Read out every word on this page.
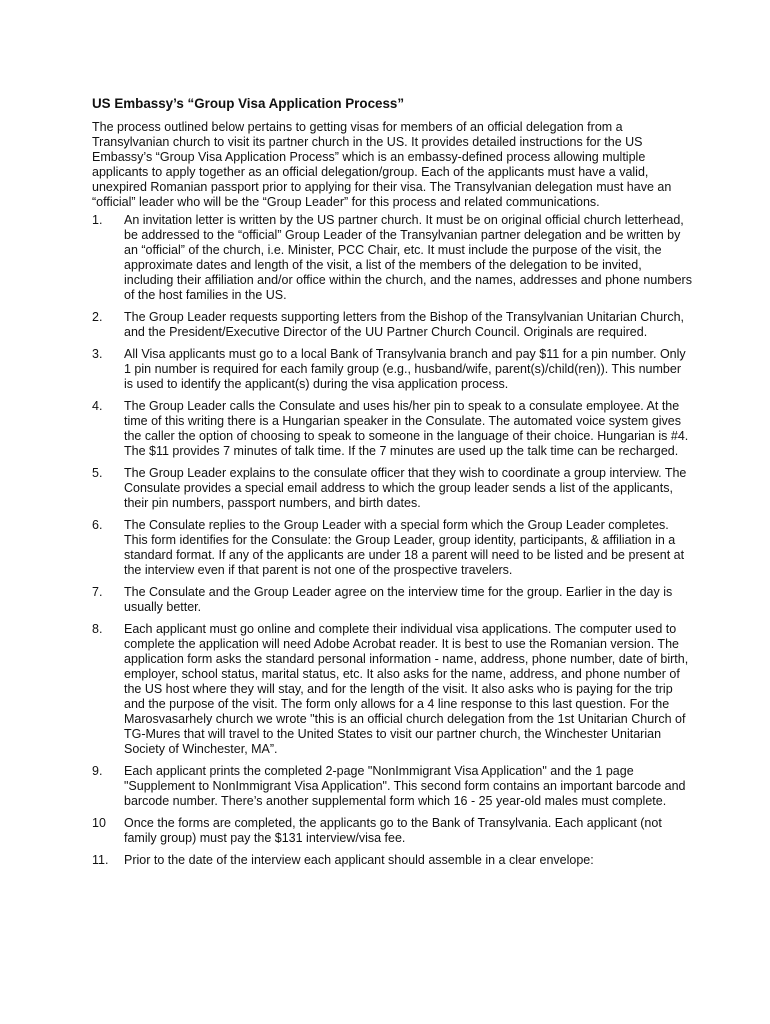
US Embassy’s “Group Visa Application Process”

The process outlined below pertains to getting visas for members of an official delegation from a Transylvanian church to visit its partner church in the US. It provides detailed instructions for the US Embassy’s “Group Visa Application Process” which is an embassy-defined process allowing multiple applicants to apply together as an official delegation/group. Each of the applicants must have a valid, unexpired Romanian passport prior to applying for their visa. The Transylvanian delegation must have an “official” leader who will be the “Group Leader” for this process and related communications.

1.	An invitation letter is written by the US partner church. It must be on original official church letterhead, be addressed to the “official” Group Leader of the Transylvanian partner delegation and be written by an “official” of the church, i.e. Minister, PCC Chair, etc. It must include the purpose of the visit, the approximate dates and length of the visit, a list of the members of the delegation to be invited, including their affiliation and/or office within the church, and the names, addresses and phone numbers of the host families in the US.
2.	The Group Leader requests supporting letters from the Bishop of the Transylvanian Unitarian Church, and the President/Executive Director of the UU Partner Church Council. Originals are required.
3.	All Visa applicants must go to a local Bank of Transylvania branch and pay $11 for a pin number. Only 1 pin number is required for each family group (e.g., husband/wife, parent(s)/child(ren)). This number is used to identify the applicant(s) during the visa application process.
4.	The Group Leader calls the Consulate and uses his/her pin to speak to a consulate employee. At the time of this writing there is a Hungarian speaker in the Consulate. The automated voice system gives the caller the option of choosing to speak to someone in the language of their choice. Hungarian is #4. The $11 provides 7 minutes of talk time. If the 7 minutes are used up the talk time can be recharged.
5.	The Group Leader explains to the consulate officer that they wish to coordinate a group interview. The Consulate provides a special email address to which the group leader sends a list of the applicants, their pin numbers, passport numbers, and birth dates.
6.	The Consulate replies to the Group Leader with a special form which the Group Leader completes. This form identifies for the Consulate: the Group Leader, group identity, participants, & affiliation in a standard format. If any of the applicants are under 18 a parent will need to be listed and be present at the interview even if that parent is not one of the prospective travelers.
7.	The Consulate and the Group Leader agree on the interview time for the group. Earlier in the day is usually better.
8.	Each applicant must go online and complete their individual visa applications. The computer used to complete the application will need Adobe Acrobat reader. It is best to use the Romanian version. The application form asks the standard personal information - name, address, phone number, date of birth, employer, school status, marital status, etc. It also asks for the name, address, and phone number of the US host where they will stay, and for the length of the visit. It also asks who is paying for the trip and the purpose of the visit. The form only allows for a 4 line response to this last question. For the Marosvasarhely church we wrote "this is an official church delegation from the 1st Unitarian Church of TG-Mures that will travel to the United States to visit our partner church, the Winchester Unitarian Society of Winchester, MA”.
9.	Each applicant prints the completed 2-page "NonImmigrant Visa Application" and the 1 page "Supplement to NonImmigrant Visa Application". This second form contains an important barcode and barcode number. There’s another supplemental form which 16 - 25 year-old males must complete.
10	Once the forms are completed, the applicants go to the Bank of Transylvania. Each applicant (not family group) must pay the $131 interview/visa fee.
11.	Prior to the date of the interview each applicant should assemble in a clear envelope:
